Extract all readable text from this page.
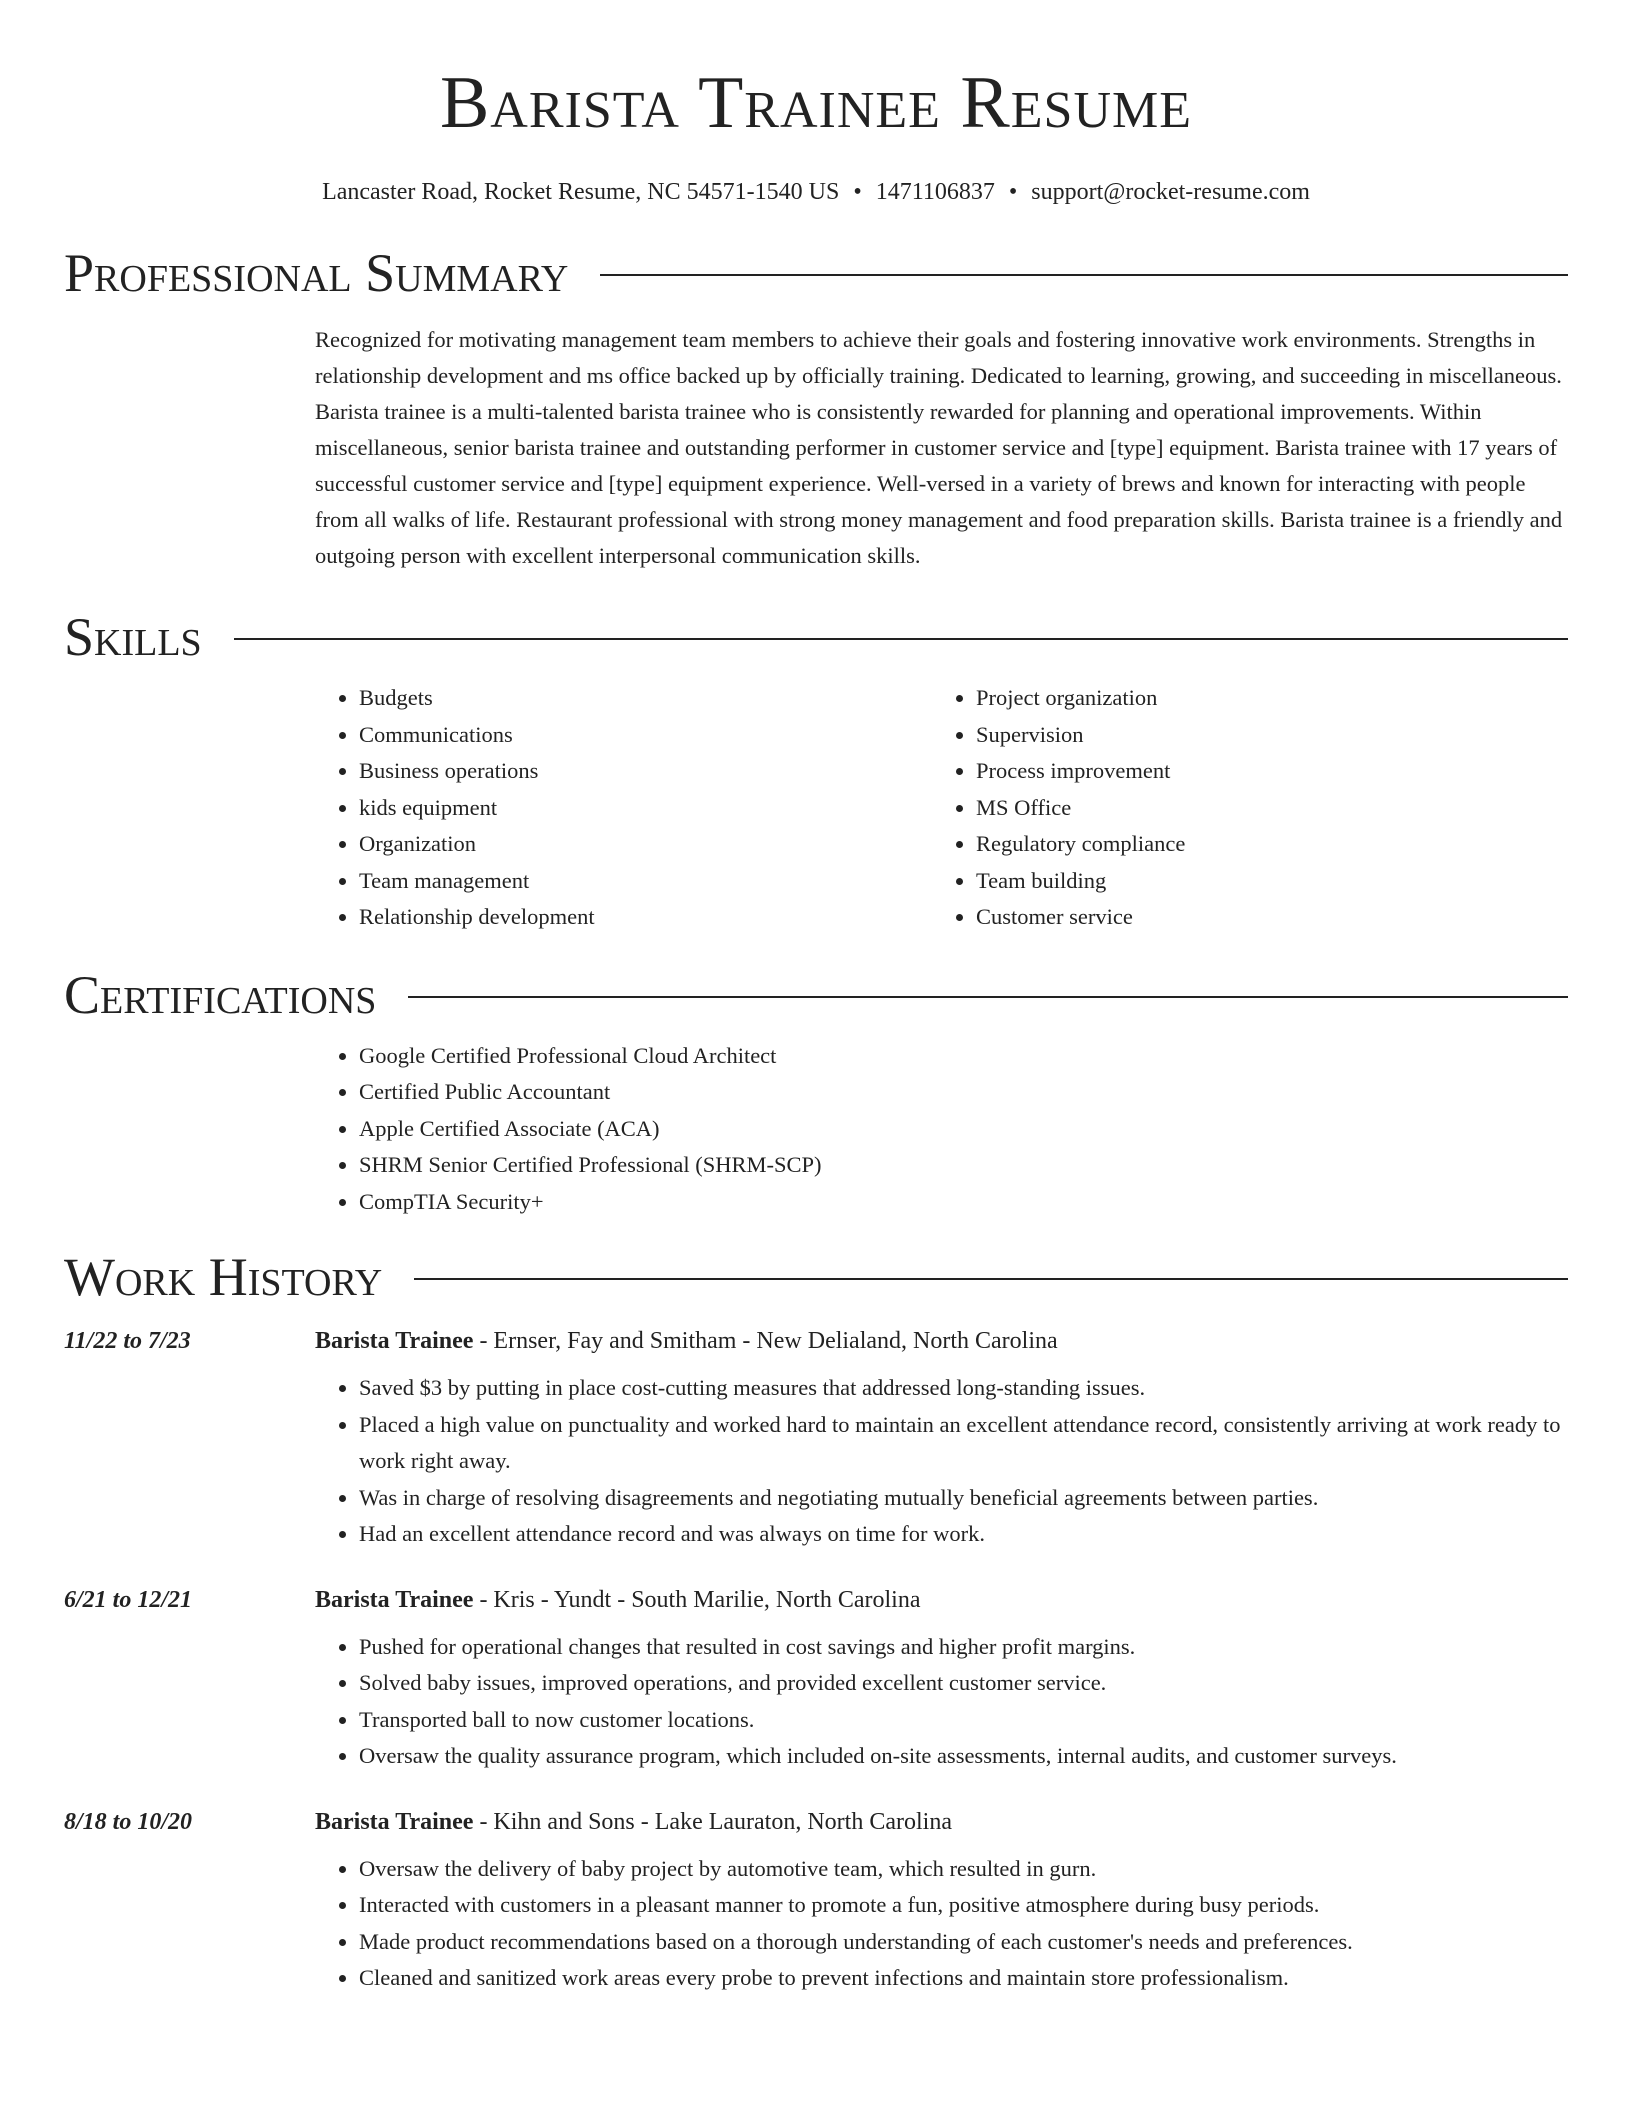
Barista Trainee Resume
Lancaster Road, Rocket Resume, NC 54571-1540 US • 1471106837 • support@rocket-resume.com
Professional Summary

Recognized for motivating management team members to achieve their goals and fostering innovative work environments. Strengths in relationship development and ms office backed up by officially training. Dedicated to learning, growing, and succeeding in miscellaneous. Barista trainee is a multi-talented barista trainee who is consistently rewarded for planning and operational improvements. Within miscellaneous, senior barista trainee and outstanding performer in customer service and [type] equipment. Barista trainee with 17 years of successful customer service and [type] equipment experience. Well-versed in a variety of brews and known for interacting with people from all walks of life. Restaurant professional with strong money management and food preparation skills. Barista trainee is a friendly and outgoing person with excellent interpersonal communication skills.

Skills
• Budgets
• Communications
• Business operations
• kids equipment
• Organization
• Team management
• Relationship development
• Project organization
• Supervision
• Process improvement
• MS Office
• Regulatory compliance
• Team building
• Customer service
Certifications
• Google Certified Professional Cloud Architect
• Certified Public Accountant
• Apple Certified Associate (ACA)
• SHRM Senior Certified Professional (SHRM-SCP)
• CompTIA Security+
Work History
11/22 to 7/23	Barista Trainee - Ernser, Fay and Smitham - New Delialand, North Carolina
• Saved $3 by putting in place cost-cutting measures that addressed long-standing issues.
• Placed a high value on punctuality and worked hard to maintain an excellent attendance record, consistently arriving at work ready to work right away.
• Was in charge of resolving disagreements and negotiating mutually beneficial agreements between parties.
• Had an excellent attendance record and was always on time for work.
6/21 to 12/21	Barista Trainee - Kris - Yundt - South Marilie, North Carolina
• Pushed for operational changes that resulted in cost savings and higher profit margins.
• Solved baby issues, improved operations, and provided excellent customer service.
• Transported ball to now customer locations.
• Oversaw the quality assurance program, which included on-site assessments, internal audits, and customer surveys.
8/18 to 10/20	Barista Trainee - Kihn and Sons - Lake Lauraton, North Carolina
• Oversaw the delivery of baby project by automotive team, which resulted in gurn.
• Interacted with customers in a pleasant manner to promote a fun, positive atmosphere during busy periods.
• Made product recommendations based on a thorough understanding of each customer's needs and preferences.
• Cleaned and sanitized work areas every probe to prevent infections and maintain store professionalism.
